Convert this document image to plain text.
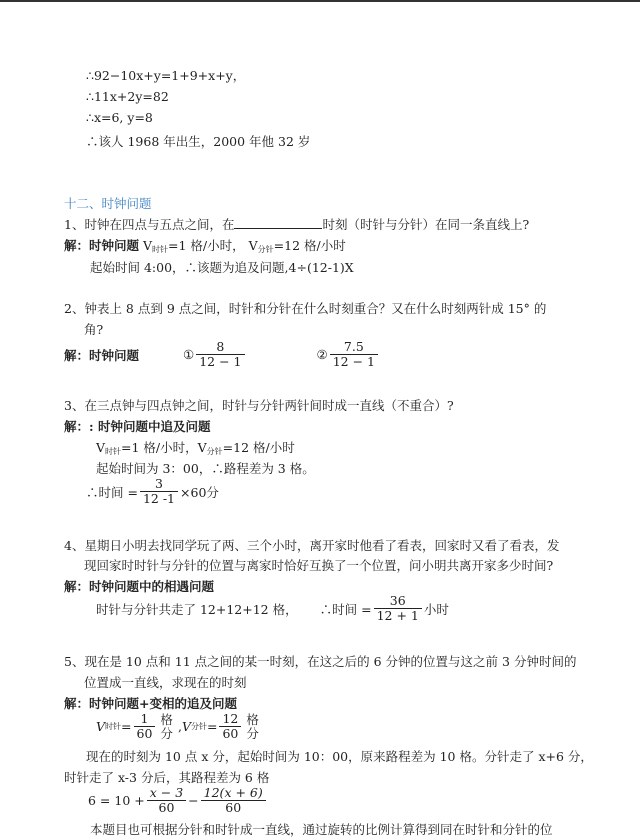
∴92−10x+y=1+9+x+y，
∴11x+2y=82
∴x=6, y=8
∴该人 1968 年出生，2000 年他 32 岁
十二、时钟问题
1、时钟在四点与五点之间，在	时刻（时针与分针）在同一条直线上?
解：时钟问题 $V_{时针}=1$ 格/小时， $V_{分针}=12$ 格/小时
起始时间 4:00，∴该题为追及问题,4÷(12-1)X
2、钟表上 8 点到 9 点之间，时针和分针在什么时刻重合？又在什么时刻两针成 15° 的
角?
解：时钟问题	① $\frac{8}{12 - 1}$	② $\frac{7.5}{12 - 1}$
3、在三点钟与四点钟之间，时针与分针两针间时成一直线（不重合）?
解：: 时钟问题中追及问题
$V_{时针}=1$ 格/小时，$V_{分针}=12$ 格/小时
起始时间为 3：00，∴路程差为 3 格。
∴时间 = $\frac{3}{12 -1} \times 60$分
4、星期日小明去找同学玩了两、三个小时，离开家时他看了看表，回家时又看了看表，发
现回家时时针与分针的位置与离家时恰好互换了一个位置，问小明共离开家多少时间?
解：时钟问题中的相遇问题
时针与分针共走了 12+12+12 格， ∴时间 = $\frac{36}{12 + 1}$ 小时
5、现在是 10 点和 11 点之间的某一时刻，在这之后的 6 分钟的位置与这之前 3 分钟时间的
位置成一直线，求现在的时刻
解：时钟问题+变相的追及问题
V 时针 = $\frac{1}{60}$ 格
分 , V 分针 = $\frac{12}{60}$ 格
分
现在的时刻为 10 点 x 分，起始时间为 10：00，原来路程差为 10 格。分针走了 x+6 分，
时针走了 x-3 分后，其路程差为 6 格
$6 = 10 + \frac{x - 3}{60} - \frac{12(x + 6)}{60}$
本题目也可根据分针和时针成一直线，通过旋转的比例计算得到同在时针和分针的位
